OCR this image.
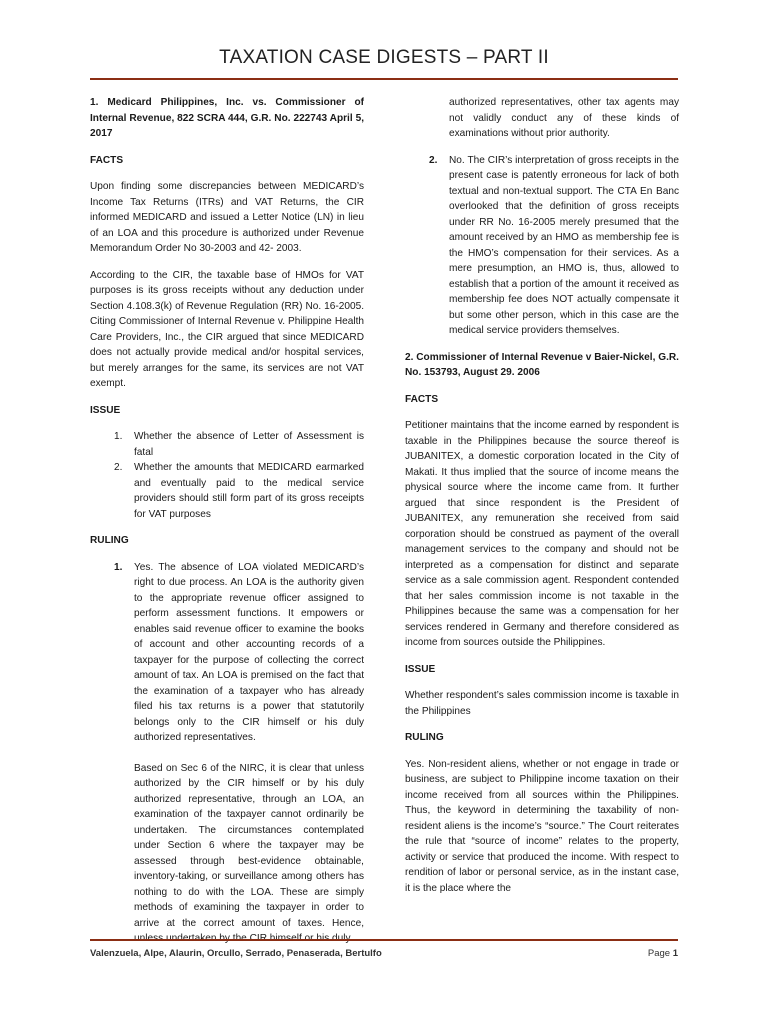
TAXATION CASE DIGESTS – PART II
1. Medicard Philippines, Inc. vs. Commissioner of Internal Revenue, 822 SCRA 444, G.R. No. 222743 April 5, 2017
FACTS
Upon finding some discrepancies between MEDICARD’s Income Tax Returns (ITRs) and VAT Returns, the CIR informed MEDICARD and issued a Letter Notice (LN) in lieu of an LOA and this procedure is authorized under Revenue Memorandum Order No 30-2003 and 42- 2003.
According to the CIR, the taxable base of HMOs for VAT purposes is its gross receipts without any deduction under Section 4.108.3(k) of Revenue Regulation (RR) No. 16-2005. Citing Commissioner of Internal Revenue v. Philippine Health Care Providers, Inc., the CIR argued that since MEDICARD does not actually provide medical and/or hospital services, but merely arranges for the same, its services are not VAT exempt.
ISSUE
1.	Whether the absence of Letter of Assessment is fatal
2.	Whether the amounts that MEDICARD earmarked and eventually paid to the medical service providers should still form part of its gross receipts for VAT purposes
RULING
1.	Yes. The absence of LOA violated MEDICARD’s right to due process. An LOA is the authority given to the appropriate revenue officer assigned to perform assessment functions. It empowers or enables said revenue officer to examine the books of account and other accounting records of a taxpayer for the purpose of collecting the correct amount of tax. An LOA is premised on the fact that the examination of a taxpayer who has already filed his tax returns is a power that statutorily belongs only to the CIR himself or his duly authorized representatives.
Based on Sec 6 of the NIRC, it is clear that unless authorized by the CIR himself or by his duly authorized representative, through an LOA, an examination of the taxpayer cannot ordinarily be undertaken. The circumstances contemplated under Section 6 where the taxpayer may be assessed through best-evidence obtainable, inventory-taking, or surveillance among others has nothing to do with the LOA. These are simply methods of examining the taxpayer in order to arrive at the correct amount of taxes. Hence, unless undertaken by the CIR himself or his duly
authorized representatives, other tax agents may not validly conduct any of these kinds of examinations without prior authority.
2.	No. The CIR’s interpretation of gross receipts in the present case is patently erroneous for lack of both textual and non-textual support. The CTA En Banc overlooked that the definition of gross receipts under RR No. 16-2005 merely presumed that the amount received by an HMO as membership fee is the HMO’s compensation for their services. As a mere presumption, an HMO is, thus, allowed to establish that a portion of the amount it received as membership fee does NOT actually compensate it but some other person, which in this case are the medical service providers themselves.
2. Commissioner of Internal Revenue v Baier-Nickel, G.R. No. 153793, August 29. 2006
FACTS
Petitioner maintains that the income earned by respondent is taxable in the Philippines because the source thereof is JUBANITEX, a domestic corporation located in the City of Makati. It thus implied that the source of income means the physical source where the income came from. It further argued that since respondent is the President of JUBANITEX, any remuneration she received from said corporation should be construed as payment of the overall management services to the company and should not be interpreted as a compensation for distinct and separate service as a sale commission agent. Respondent contended that her sales commission income is not taxable in the Philippines because the same was a compensation for her services rendered in Germany and therefore considered as income from sources outside the Philippines.
ISSUE
Whether respondent’s sales commission income is taxable in the Philippines
RULING
Yes. Non-resident aliens, whether or not engage in trade or business, are subject to Philippine income taxation on their income received from all sources within the Philippines. Thus, the keyword in determining the taxability of non-resident aliens is the income’s “source.” The Court reiterates the rule that “source of income” relates to the property, activity or service that produced the income. With respect to rendition of labor or personal service, as in the instant case, it is the place where the
Valenzuela, Alpe, Alaurin, Orcullo, Serrado, Penaserada, Bertulfo	Page 1
